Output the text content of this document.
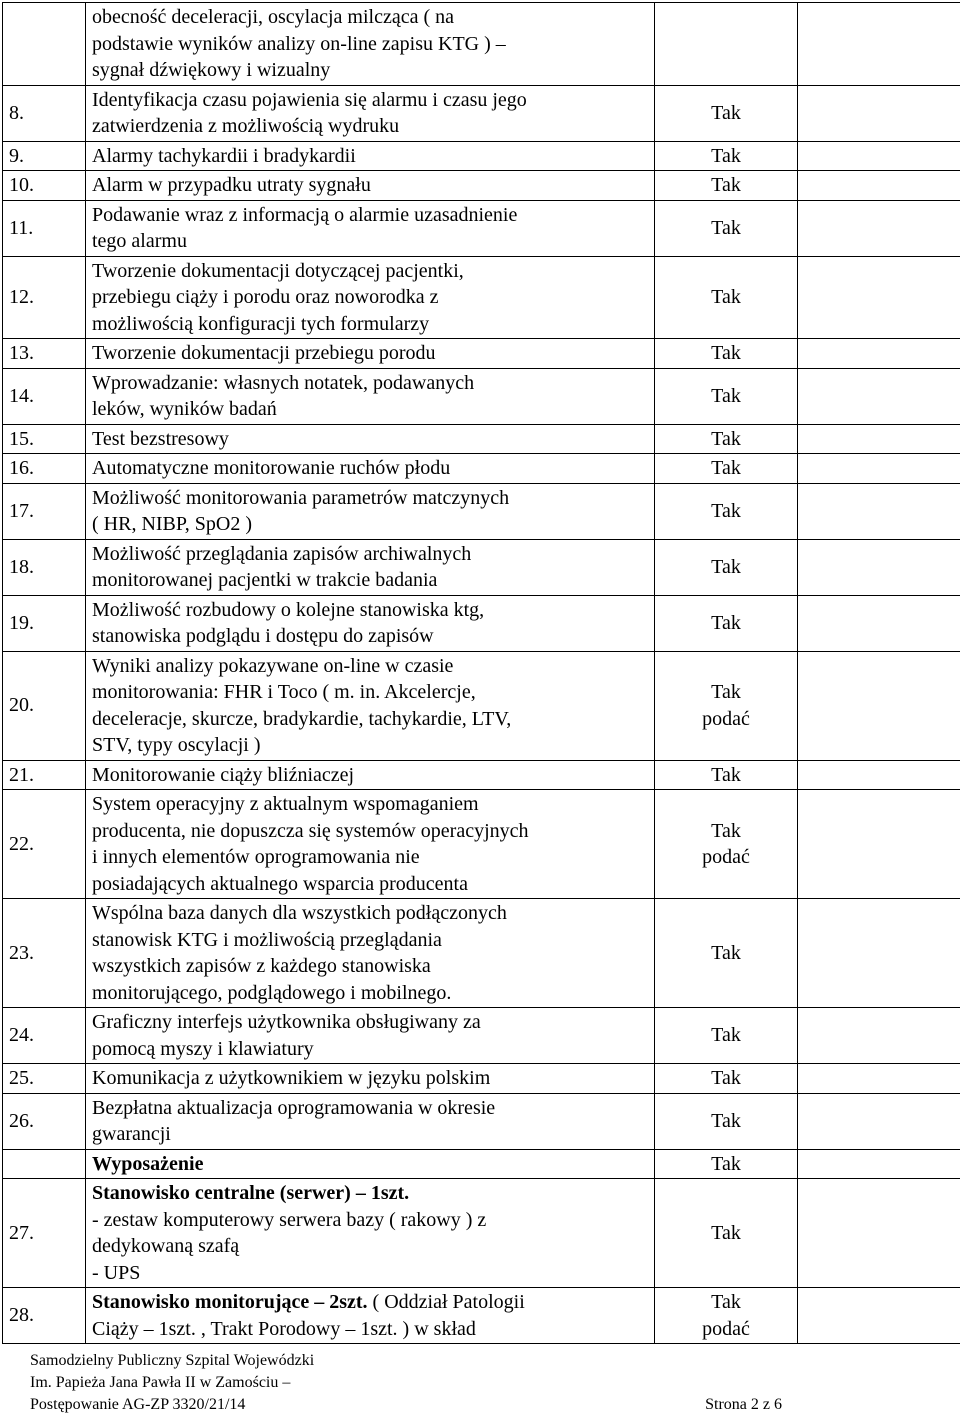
	obecność deceleracji, oscylacja milcząca ( na
podstawie wyników analizy on-line zapisu KTG ) –
sygnał dźwiękowy i wizualny		

8.	Identyfikacja czasu pojawienia się alarmu i czasu jego
zatwierdzenia z możliwością wydruku	Tak	

9.	Alarmy tachykardii i bradykardii	Tak	

10.	Alarm w przypadku utraty sygnału	Tak	

11.	Podawanie wraz z informacją o alarmie uzasadnienie
tego alarmu	Tak	

12.	Tworzenie dokumentacji dotyczącej pacjentki,
przebiegu ciąży i porodu oraz noworodka z
możliwością konfiguracji tych formularzy	Tak	

13.	Tworzenie dokumentacji przebiegu porodu	Tak	

14.	Wprowadzanie: własnych notatek, podawanych
leków, wyników badań	Tak	

15.	Test bezstresowy	Tak	

16.	Automatyczne monitorowanie ruchów płodu	Tak	

17.	Możliwość monitorowania parametrów matczynych
( HR, NIBP, SpO2 )	Tak	

18.	Możliwość przeglądania zapisów archiwalnych
monitorowanej pacjentki w trakcie badania	Tak	

19.	Możliwość rozbudowy o kolejne stanowiska ktg,
stanowiska podglądu i dostępu do zapisów	Tak	

20.	Wyniki analizy pokazywane on-line w czasie
monitorowania: FHR i Toco ( m. in. Akcelercje,
deceleracje, skurcze, bradykardie, tachykardie, LTV,
STV, typy oscylacji )	Tak
podać	

21.	Monitorowanie ciąży bliźniaczej	Tak	

22.	System operacyjny z aktualnym wspomaganiem
producenta, nie dopuszcza się systemów operacyjnych
i innych elementów oprogramowania nie
posiadających aktualnego wsparcia producenta	Tak
podać	

23.	Wspólna baza danych dla wszystkich podłączonych
stanowisk KTG i możliwością przeglądania
wszystkich zapisów z każdego stanowiska
monitorującego, podglądowego i mobilnego.	Tak	

24.	Graficzny interfejs użytkownika obsługiwany za
pomocą myszy i klawiatury	Tak	

25.	Komunikacja z użytkownikiem w języku polskim	Tak	

26.	Bezpłatna aktualizacja oprogramowania w okresie
gwarancji	Tak	

	Wyposażenie	Tak	

27.	Stanowisko centralne (serwer) – 1szt.
- zestaw komputerowy serwera bazy ( rakowy ) z
dedykowaną szafą
- UPS	Tak	

28.	Stanowisko monitorujące – 2szt. ( Oddział Patologii
Ciąży – 1szt. , Trakt Porodowy – 1szt. ) w skład	Tak
podać	

Samodzielny Publiczny Szpital Wojewódzki
Im. Papieża Jana Pawła II w Zamościu –
Postępowanie AG-ZP 3320/21/14	Strona 2 z 6
